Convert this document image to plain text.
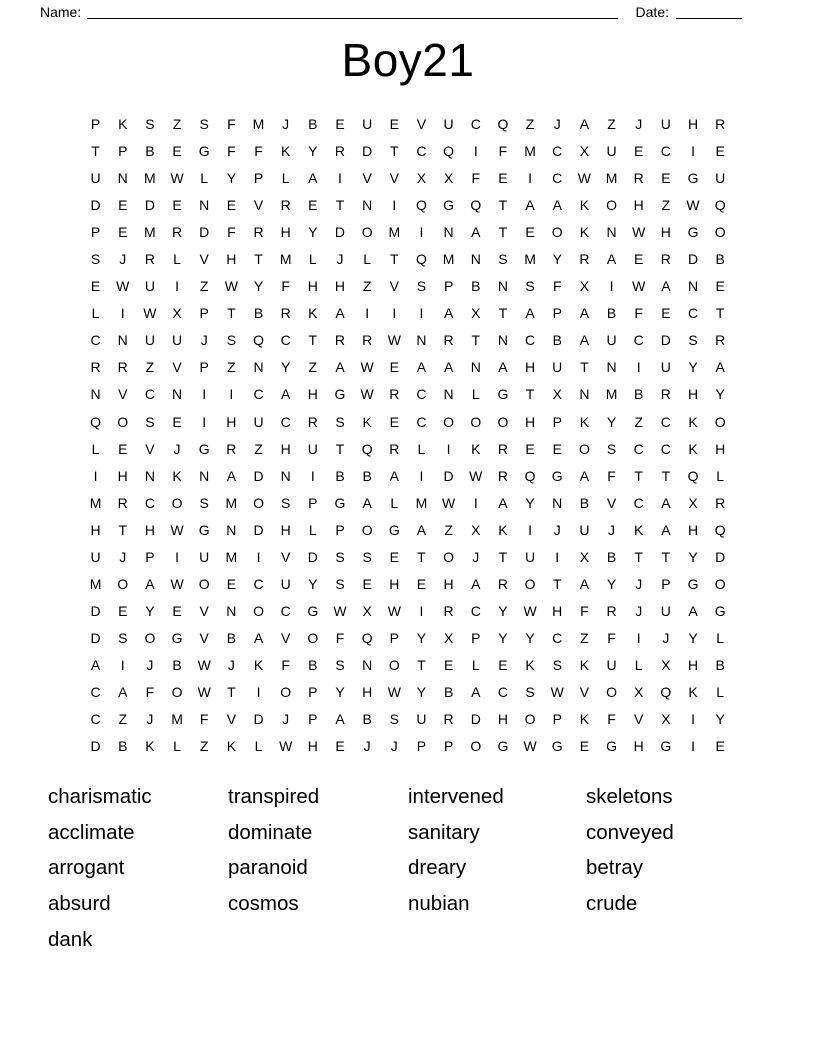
Name:	Date:
Boy21
P	K	S	Z	S	F	M	J	B	E	U	E	V	U	C	Q	Z	J	A	Z	J	U	H	R
T	P	B	E	G	F	F	K	Y	R	D	T	C	Q	I	F	M	C	X	U	E	C	I	E
U	N	M	W	L	Y	P	L	A	I	V	V	X	X	F	E	I	C	W	M	R	E	G	U
D	E	D	E	N	E	V	R	E	T	N	I	Q	G	Q	T	A	A	K	O	H	Z	W	Q
P	E	M	R	D	F	R	H	Y	D	O	M	I	N	A	T	E	O	K	N	W	H	G	O
S	J	R	L	V	H	T	M	L	J	L	T	Q	M	N	S	M	Y	R	A	E	R	D	B
E	W	U	I	Z	W	Y	F	H	H	Z	V	S	P	B	N	S	F	X	I	W	A	N	E
L	I	W	X	P	T	B	R	K	A	I	I	I	A	X	T	A	P	A	B	F	E	C	T
C	N	U	U	J	S	Q	C	T	R	R	W	N	R	T	N	C	B	A	U	C	D	S	R
R	R	Z	V	P	Z	N	Y	Z	A	W	E	A	A	N	A	H	U	T	N	I	U	Y	A
N	V	C	N	I	I	C	A	H	G	W	R	C	N	L	G	T	X	N	M	B	R	H	Y
Q	O	S	E	I	H	U	C	R	S	K	E	C	O	O	O	H	P	K	Y	Z	C	K	O
L	E	V	J	G	R	Z	H	U	T	Q	R	L	I	K	R	E	E	O	S	C	C	K	H
I	H	N	K	N	A	D	N	I	B	B	A	I	D	W	R	Q	G	A	F	T	T	Q	L
M	R	C	O	S	M	O	S	P	G	A	L	M	W	I	A	Y	N	B	V	C	A	X	R
H	T	H	W	G	N	D	H	L	P	O	G	A	Z	X	K	I	J	U	J	K	A	H	Q
U	J	P	I	U	M	I	V	D	S	S	E	T	O	J	T	U	I	X	B	T	T	Y	D
M	O	A	W	O	E	C	U	Y	S	E	H	E	H	A	R	O	T	A	Y	J	P	G	O
D	E	Y	E	V	N	O	C	G	W	X	W	I	R	C	Y	W	H	F	R	J	U	A	G
D	S	O	G	V	B	A	V	O	F	Q	P	Y	X	P	Y	Y	C	Z	F	I	J	Y	L
A	I	J	B	W	J	K	F	B	S	N	O	T	E	L	E	K	S	K	U	L	X	H	B
C	A	F	O	W	T	I	O	P	Y	H	W	Y	B	A	C	S	W	V	O	X	Q	K	L
C	Z	J	M	F	V	D	J	P	A	B	S	U	R	D	H	O	P	K	F	V	X	I	Y
D	B	K	L	Z	K	L	W	H	E	J	J	P	P	O	G	W	G	E	G	H	G	I	E
charismatic
acclimate
arrogant
absurd
dank
transpired
dominate
paranoid
cosmos
intervened
sanitary
dreary
nubian
skeletons
conveyed
betray
crude
